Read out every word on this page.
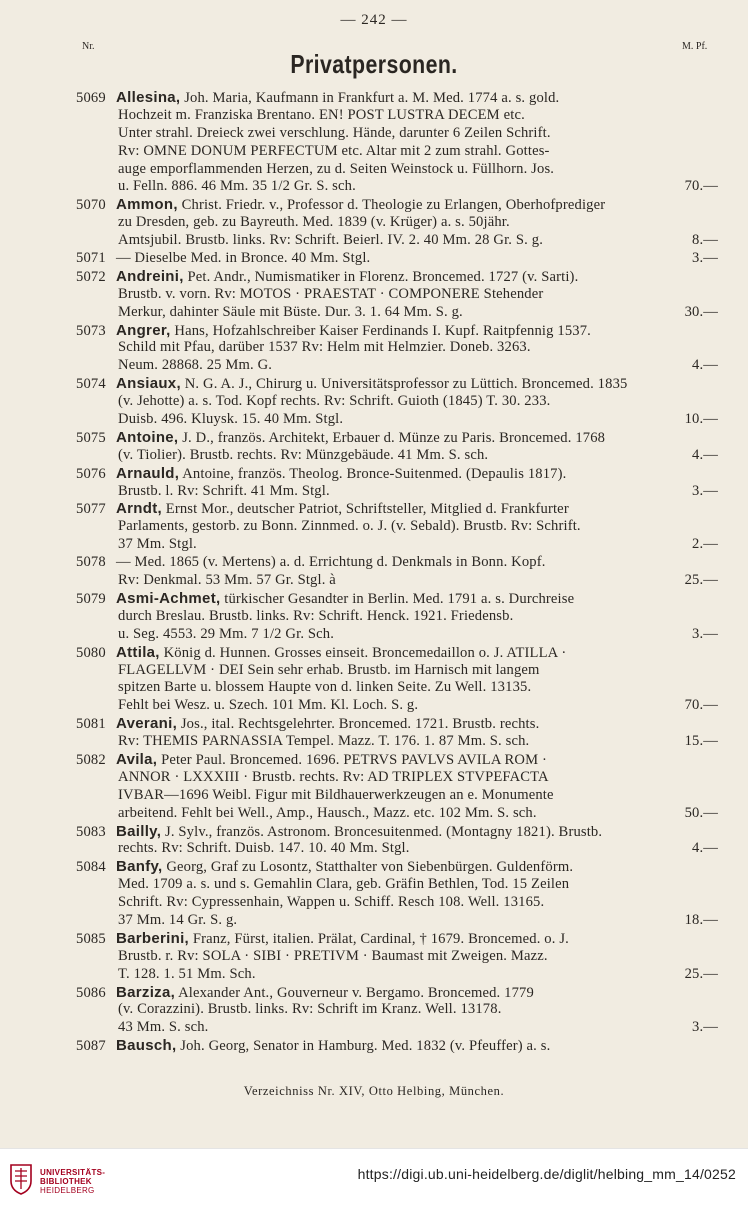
— 242 —
Nr.	M. Pf.
Privatpersonen.
5069 Allesina, Joh. Maria, Kaufmann in Frankfurt a. M. Med. 1774 a. s. gold.
Hochzeit m. Franziska Brentano. EN! POST LUSTRA DECEM etc.
Unter strahl. Dreieck zwei verschlung. Hände, darunter 6 Zeilen Schrift.
Rv: OMNE DONUM PERFECTUM etc. Altar mit 2 zum strahl. Gottes-
auge emporflammenden Herzen, zu d. Seiten Weinstock u. Füllhorn. Jos.
u. Felln. 886. 46 Mm. 35 1/2 Gr. S. sch.	70.—
5070 Ammon, Christ. Friedr. v., Professor d. Theologie zu Erlangen, Oberhofprediger
zu Dresden, geb. zu Bayreuth. Med. 1839 (v. Krüger) a. s. 50jähr.
Amtsjubil. Brustb. links. Rv: Schrift. Beierl. IV. 2. 40 Mm. 28 Gr. S. g.	8.—
5071 — Dieselbe Med. in Bronce. 40 Mm. Stgl.	3.—
5072 Andreini, Pet. Andr., Numismatiker in Florenz. Broncemed. 1727 (v. Sarti).
Brustb. v. vorn. Rv: MOTOS · PRAESTAT · COMPONERE Stehender
Merkur, dahinter Säule mit Büste. Dur. 3. 1. 64 Mm. S. g.	30.—
5073 Angrer, Hans, Hofzahlschreiber Kaiser Ferdinands I. Kupf. Raitpfennig 1537.
Schild mit Pfau, darüber 1537 Rv: Helm mit Helmzier. Doneb. 3263.
Neum. 28868. 25 Mm. G.	4.—
5074 Ansiaux, N. G. A. J., Chirurg u. Universitätsprofessor zu Lüttich. Broncemed. 1835
(v. Jehotte) a. s. Tod. Kopf rechts. Rv: Schrift. Guioth (1845) T. 30. 233.
Duisb. 496. Kluysk. 15. 40 Mm. Stgl.	10.—
5075 Antoine, J. D., französ. Architekt, Erbauer d. Münze zu Paris. Broncemed. 1768
(v. Tiolier). Brustb. rechts. Rv: Münzgebäude. 41 Mm. S. sch.	4.—
5076 Arnauld, Antoine, französ. Theolog. Bronce-Suitenmed. (Depaulis 1817).
Brustb. l. Rv: Schrift. 41 Mm. Stgl.	3.—
5077 Arndt, Ernst Mor., deutscher Patriot, Schriftsteller, Mitglied d. Frankfurter
Parlaments, gestorb. zu Bonn. Zinnmed. o. J. (v. Sebald). Brustb. Rv: Schrift.
37 Mm. Stgl.	2.—
5078 — Med. 1865 (v. Mertens) a. d. Errichtung d. Denkmals in Bonn. Kopf.
Rv: Denkmal. 53 Mm. 57 Gr. Stgl. à	25.—
5079 Asmi-Achmet, türkischer Gesandter in Berlin. Med. 1791 a. s. Durchreise
durch Breslau. Brustb. links. Rv: Schrift. Henck. 1921. Friedensb.
u. Seg. 4553. 29 Mm. 7 1/2 Gr. Sch.	3.—
5080 Attila, König d. Hunnen. Grosses einseit. Broncemedaillon o. J. ATILLA ·
FLAGELLVM · DEI Sein sehr erhab. Brustb. im Harnisch mit langem
spitzen Barte u. blossem Haupte von d. linken Seite. Zu Well. 13135.
Fehlt bei Wesz. u. Szech. 101 Mm. Kl. Loch. S. g.	70.—
5081 Averani, Jos., ital. Rechtsgelehrter. Broncemed. 1721. Brustb. rechts.
Rv: THEMIS PARNASSIA Tempel. Mazz. T. 176. 1. 87 Mm. S. sch.	15.—
5082 Avila, Peter Paul. Broncemed. 1696. PETRVS PAVLVS AVILA ROM ·
ANNOR · LXXXIII · Brustb. rechts. Rv: AD TRIPLEX STVPEFACTA
IVBAR—1696 Weibl. Figur mit Bildhauerwerkzeugen an e. Monumente
arbeitend. Fehlt bei Well., Amp., Hausch., Mazz. etc. 102 Mm. S. sch.	50.—
5083 Bailly, J. Sylv., französ. Astronom. Broncesuitenmed. (Montagny 1821). Brustb.
rechts. Rv: Schrift. Duisb. 147. 10. 40 Mm. Stgl.	4.—
5084 Banfy, Georg, Graf zu Losontz, Statthalter von Siebenbürgen. Guldenförm.
Med. 1709 a. s. und s. Gemahlin Clara, geb. Gräfin Bethlen, Tod. 15 Zeilen
Schrift. Rv: Cypressenhain, Wappen u. Schiff. Resch 108. Well. 13165.
37 Mm. 14 Gr. S. g.	18.—
5085 Barberini, Franz, Fürst, italien. Prälat, Cardinal, † 1679. Broncemed. o. J.
Brustb. r. Rv: SOLA · SIBI · PRETIVM · Baumast mit Zweigen. Mazz.
T. 128. 1. 51 Mm. Sch.	25.—
5086 Barziza, Alexander Ant., Gouverneur v. Bergamo. Broncemed. 1779
(v. Corazzini). Brustb. links. Rv: Schrift im Kranz. Well. 13178.
43 Mm. S. sch.	3.—
5087 Bausch, Joh. Georg, Senator in Hamburg. Med. 1832 (v. Pfeuffer) a. s.
Verzeichniss Nr. XIV, Otto Helbing, München.
UNIVERSITÄTS-
BIBLIOTHEK
HEIDELBERG
https://digi.ub.uni-heidelberg.de/diglit/helbing_mm_14/0252
